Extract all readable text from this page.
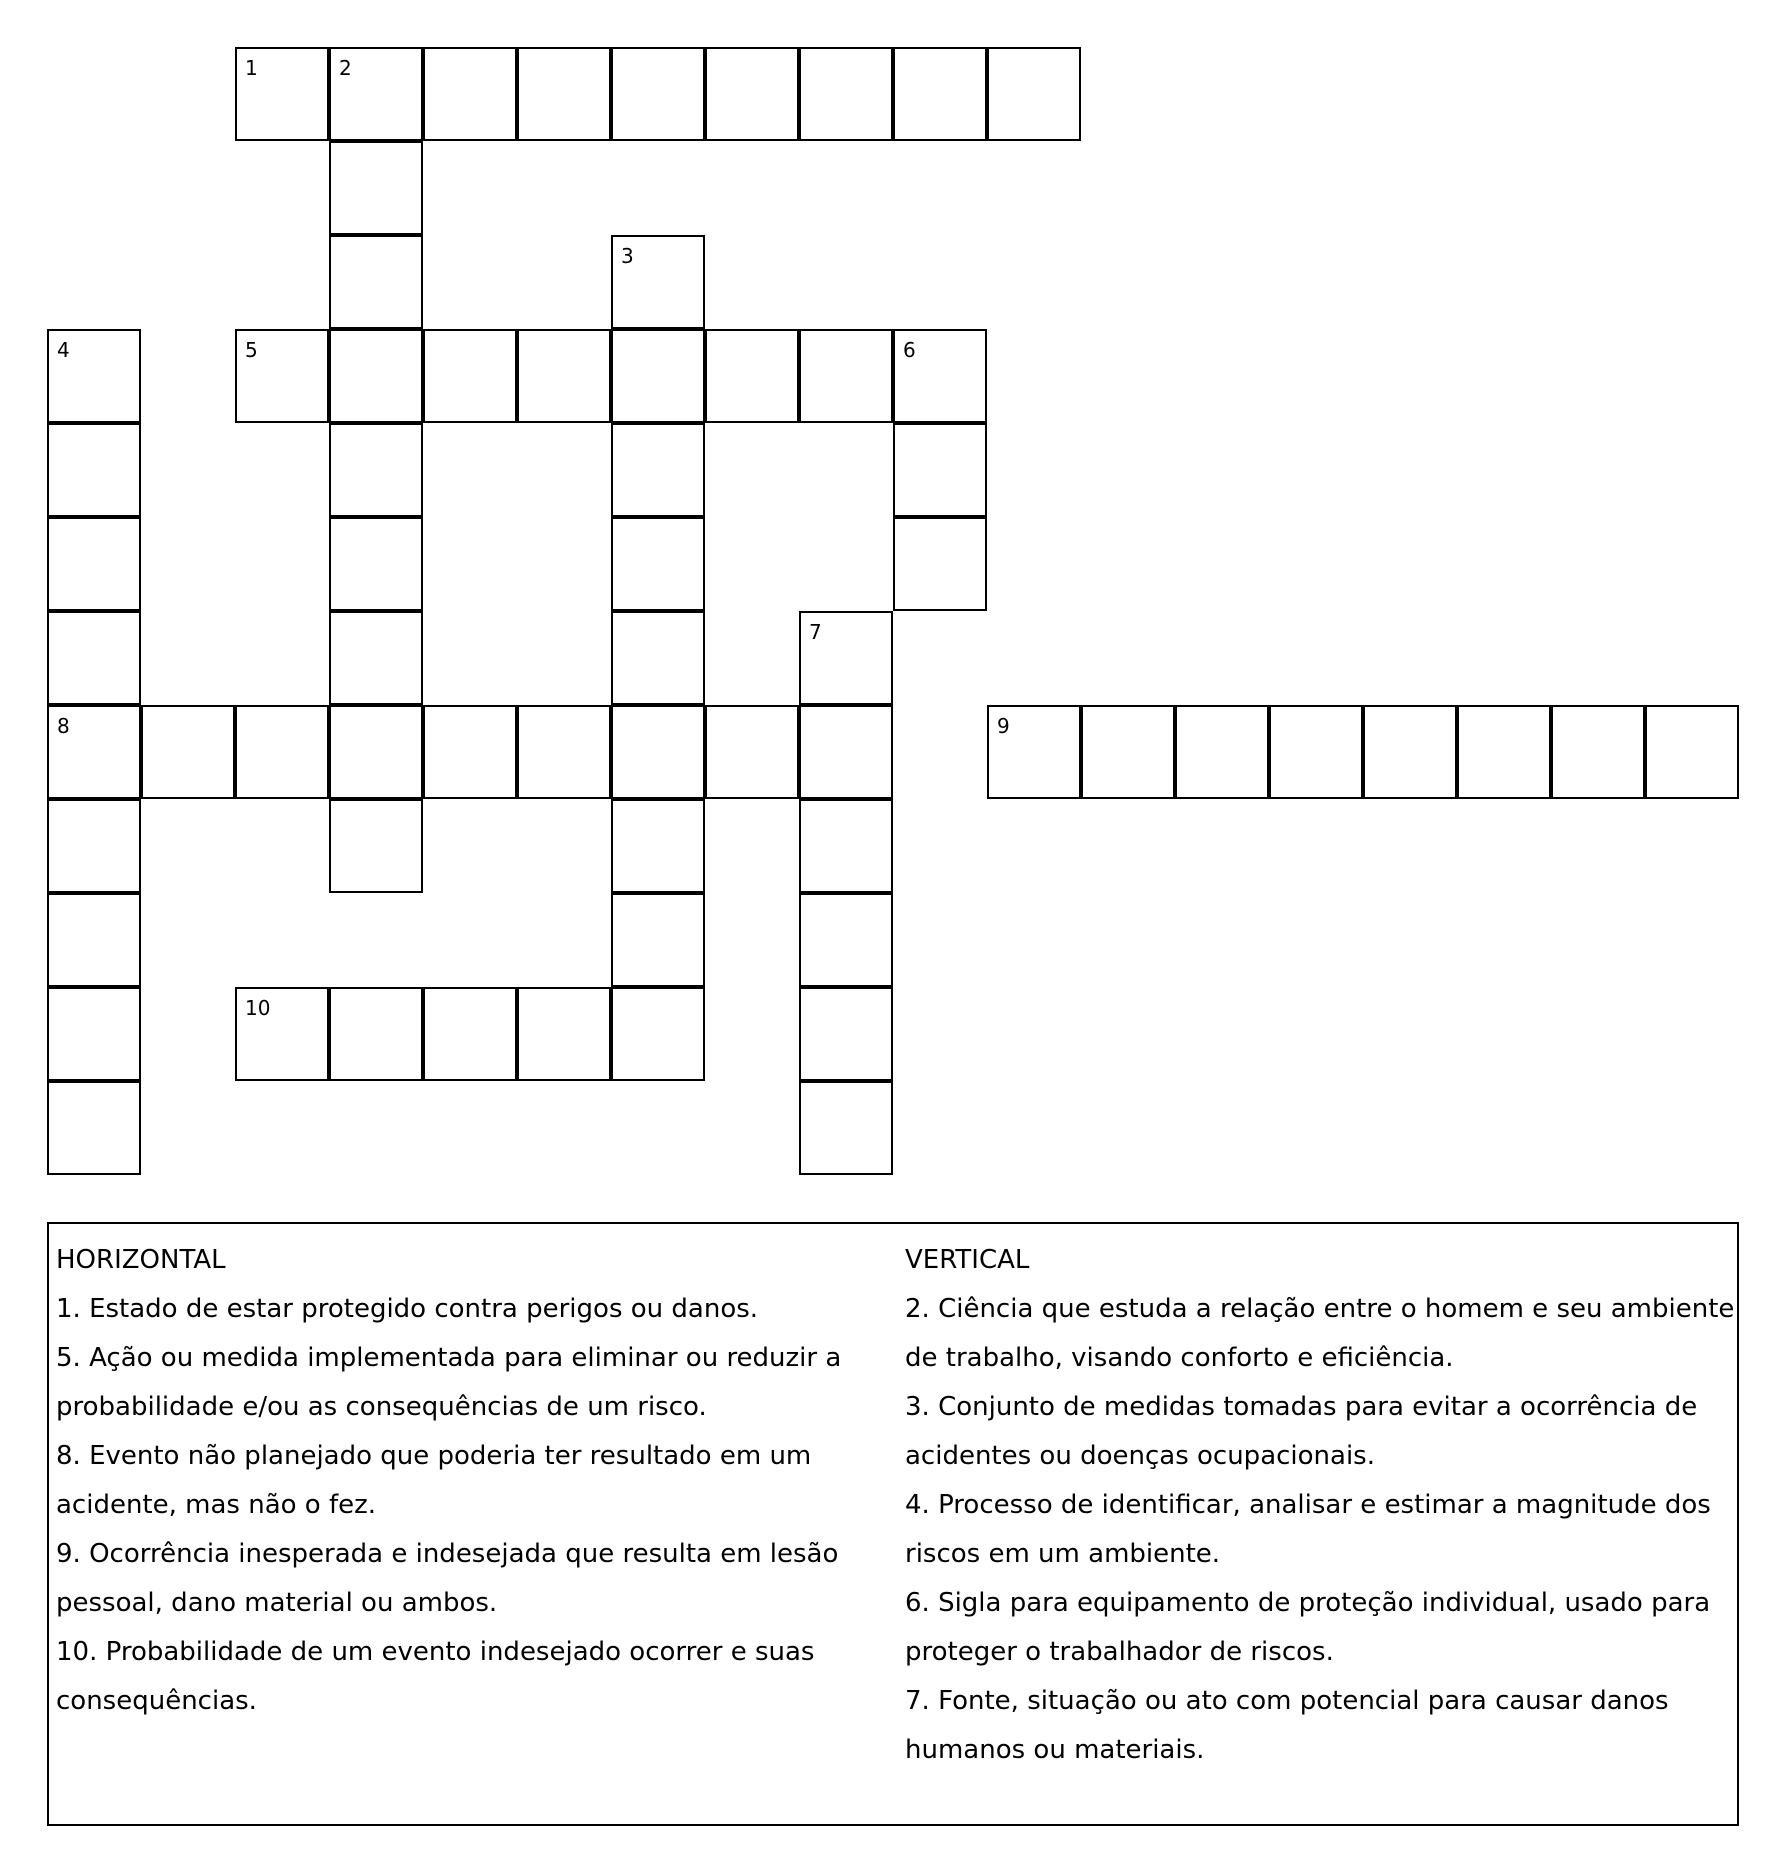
1	2
3
4	5	6
7
8	9
10
HORIZONTAL
1. Estado de estar protegido contra perigos ou danos.
5. Ação ou medida implementada para eliminar ou reduzir a probabilidade e/ou as consequências de um risco.
8. Evento não planejado que poderia ter resultado em um acidente, mas não o fez.
9. Ocorrência inesperada e indesejada que resulta em lesão pessoal, dano material ou ambos.
10. Probabilidade de um evento indesejado ocorrer e suas consequências.
VERTICAL
2. Ciência que estuda a relação entre o homem e seu ambiente de trabalho, visando conforto e eficiência.
3. Conjunto de medidas tomadas para evitar a ocorrência de acidentes ou doenças ocupacionais.
4. Processo de identificar, analisar e estimar a magnitude dos riscos em um ambiente.
6. Sigla para equipamento de proteção individual, usado para proteger o trabalhador de riscos.
7. Fonte, situação ou ato com potencial para causar danos humanos ou materiais.
